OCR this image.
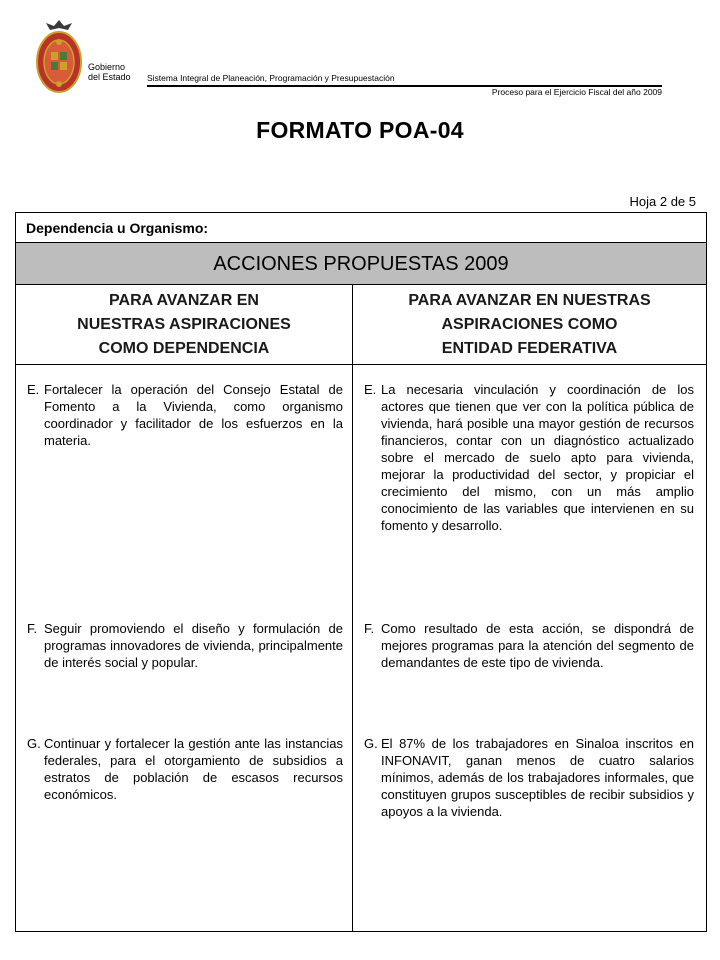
Gobierno
del Estado Sistema Integral de Planeación, Programación y Presupuestación
Proceso para el Ejercicio Fiscal del año 2009
FORMATO POA-04
Hoja 2 de 5
Dependencia u Organismo:
ACCIONES PROPUESTAS 2009
PARA AVANZAR EN
NUESTRAS ASPIRACIONES
COMO DEPENDENCIA
PARA AVANZAR EN NUESTRAS
ASPIRACIONES COMO
ENTIDAD FEDERATIVA
E. Fortalecer la operación del Consejo Estatal de Fomento a la Vivienda, como organismo coordinador y facilitador de los esfuerzos en la materia.
F. Seguir promoviendo el diseño y formulación de programas innovadores de vivienda, principalmente de interés social y popular.
G. Continuar y fortalecer la gestión ante las instancias federales, para el otorgamiento de subsidios a estratos de población de escasos recursos económicos.
E. La necesaria vinculación y coordinación de los actores que tienen que ver con la política pública de vivienda, hará posible una mayor gestión de recursos financieros, contar con un diagnóstico actualizado sobre el mercado de suelo apto para vivienda, mejorar la productividad del sector, y propiciar el crecimiento del mismo, con un más amplio conocimiento de las variables que intervienen en su fomento y desarrollo.
F. Como resultado de esta acción, se dispondrá de mejores programas para la atención del segmento de demandantes de este tipo de vivienda.
G. El 87% de los trabajadores en Sinaloa inscritos en INFONAVIT, ganan menos de cuatro salarios mínimos, además de los trabajadores informales, que constituyen grupos susceptibles de recibir subsidios y apoyos a la vivienda.
